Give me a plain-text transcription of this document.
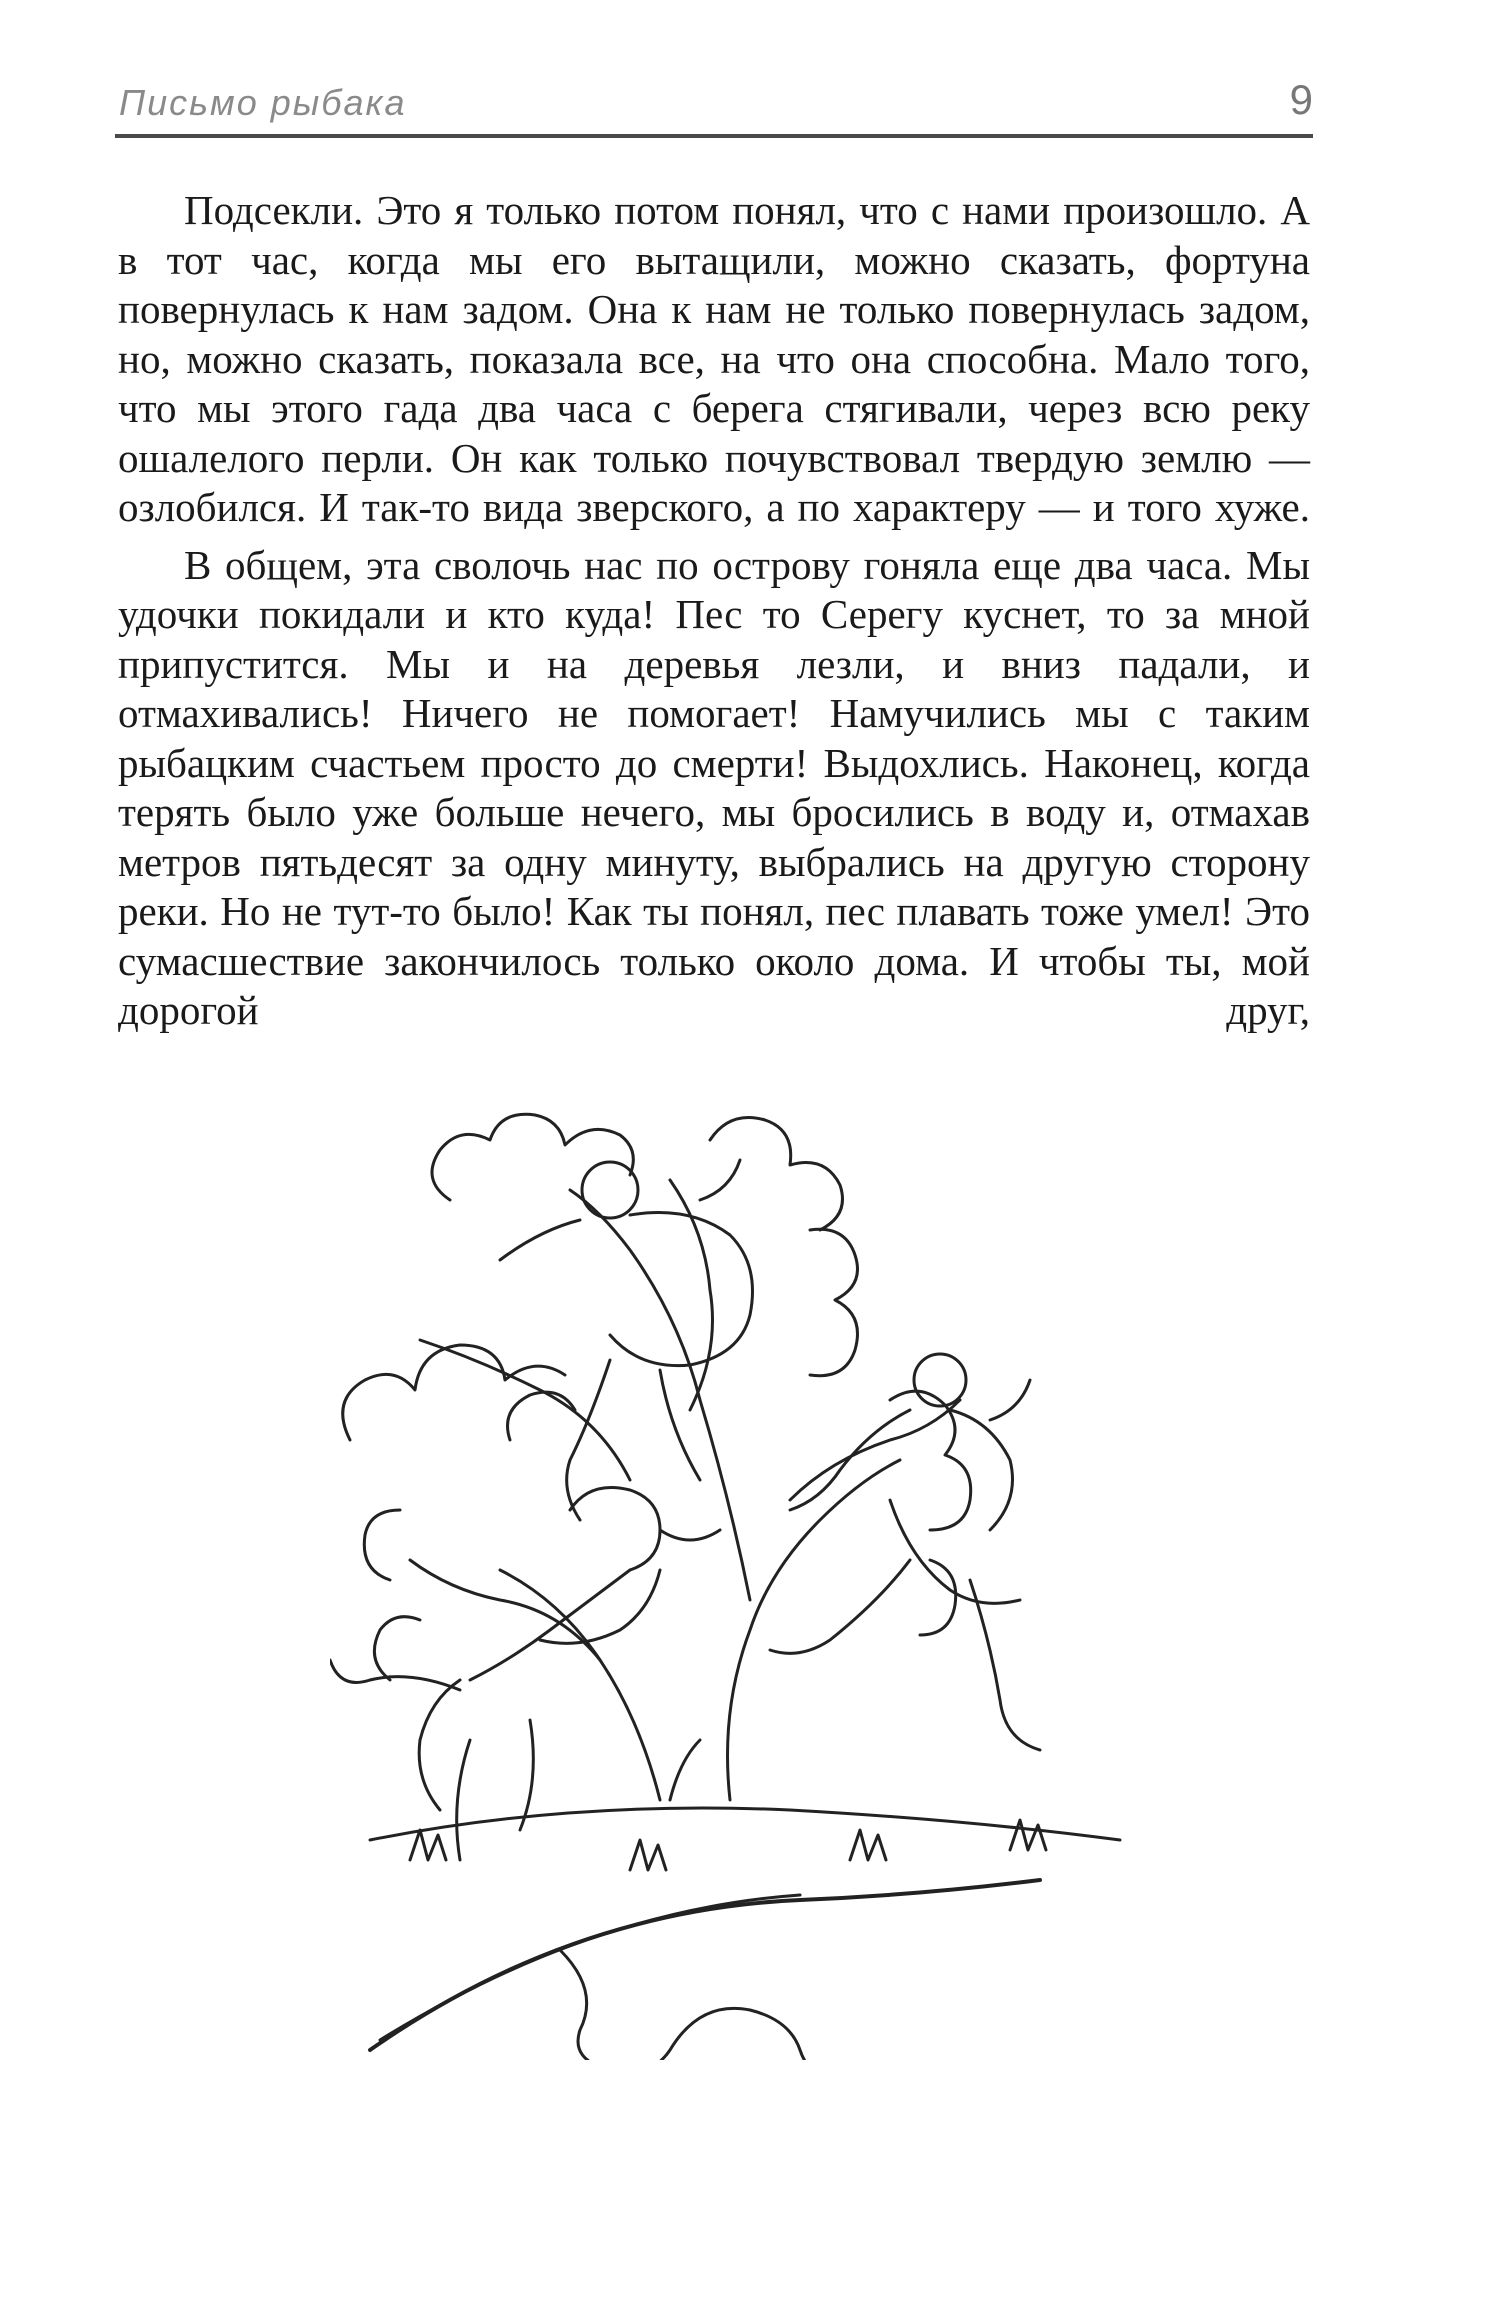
Письмо рыбака	9

Подсекли. Это я только потом понял, что с нами произошло. А в тот час, когда мы его вытащили, можно сказать, фортуна повернулась к нам задом. Она к нам не только повернулась задом, но, можно сказать, показала все, на что она способна. Мало того, что мы этого гада два часа с берега стягивали, через всю реку ошалелого перли. Он как только почувствовал твердую землю — озлобился. И так-то вида зверского, а по характеру — и того хуже.

В общем, эта сволочь нас по острову гоняла еще два часа. Мы удочки покидали и кто куда! Пес то Серегу куснет, то за мной припустится. Мы и на деревья лезли, и вниз падали, и отмахивались! Ничего не помогает! Намучились мы с таким рыбацким счастьем просто до смерти! Выдохлись. Наконец, когда терять было уже больше нечего, мы бросились в воду и, отмахав метров пятьдесят за одну минуту, выбрались на другую сторону реки. Но не тут-то было! Как ты понял, пес плавать тоже умел! Это сумасшествие закончилось только около дома. И чтобы ты, мой дорогой друг,
